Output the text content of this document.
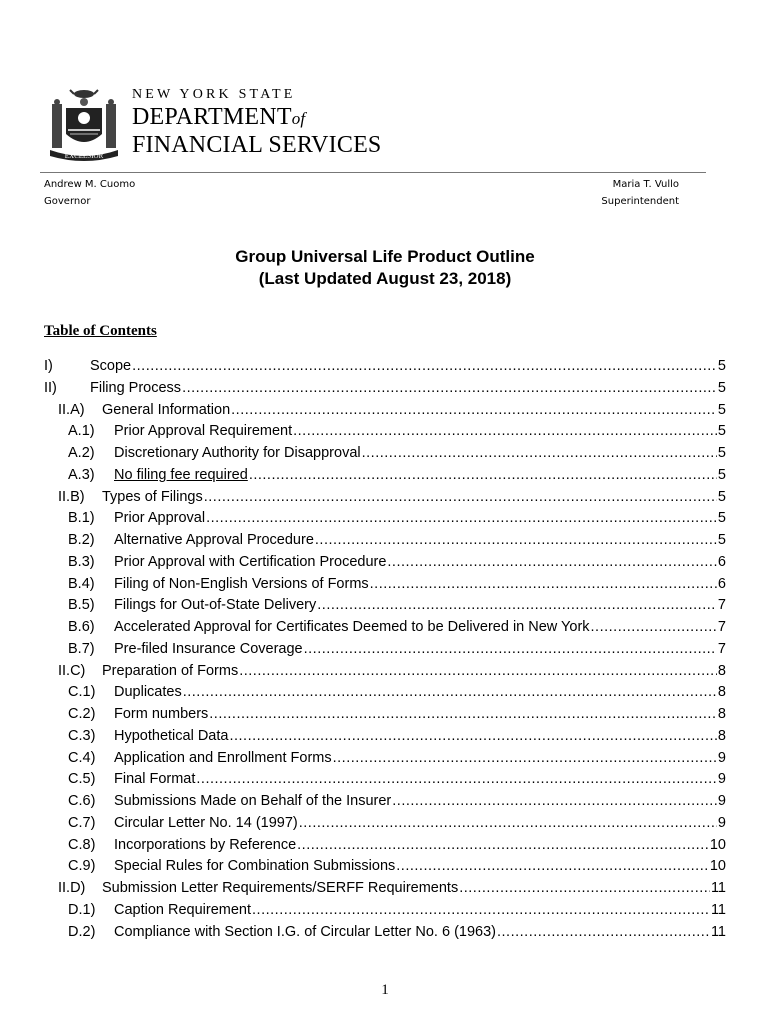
EXCELSIOR
NEW YORK STATE
DEPARTMENTof
FINANCIAL SERVICES
Andrew M. Cuomo
Governor
Maria T. Vullo
Superintendent
Group Universal Life Product Outline
(Last Updated August 23, 2018)
Table of Contents
I)	Scope .....	5
II)	Filing Process .....	5
II.A)	General Information .....	5
A.1)	Prior Approval Requirement .....	5
A.2)	Discretionary Authority for Disapproval .....	5
A.3)	No filing fee required .....	5
II.B)	Types of Filings .....	5
B.1)	Prior Approval .....	5
B.2)	Alternative Approval Procedure .....	5
B.3)	Prior Approval with Certification Procedure .....	6
B.4)	Filing of Non-English Versions of Forms .....	6
B.5)	Filings for Out-of-State Delivery .....	7
B.6)	Accelerated Approval for Certificates Deemed to be Delivered in New York .....	7
B.7)	Pre-filed Insurance Coverage .....	7
II.C)	Preparation of Forms .....	8
C.1)	Duplicates .....	8
C.2)	Form numbers .....	8
C.3)	Hypothetical Data .....	8
C.4)	Application and Enrollment Forms .....	9
C.5)	Final Format .....	9
C.6)	Submissions Made on Behalf of the Insurer .....	9
C.7)	Circular Letter No. 14 (1997) .....	9
C.8)	Incorporations by Reference .....	10
C.9)	Special Rules for Combination Submissions .....	10
II.D)	Submission Letter Requirements/SERFF Requirements .....	11
D.1)	Caption Requirement .....	11
D.2)	Compliance with Section I.G. of Circular Letter No. 6 (1963) .....	11
1
